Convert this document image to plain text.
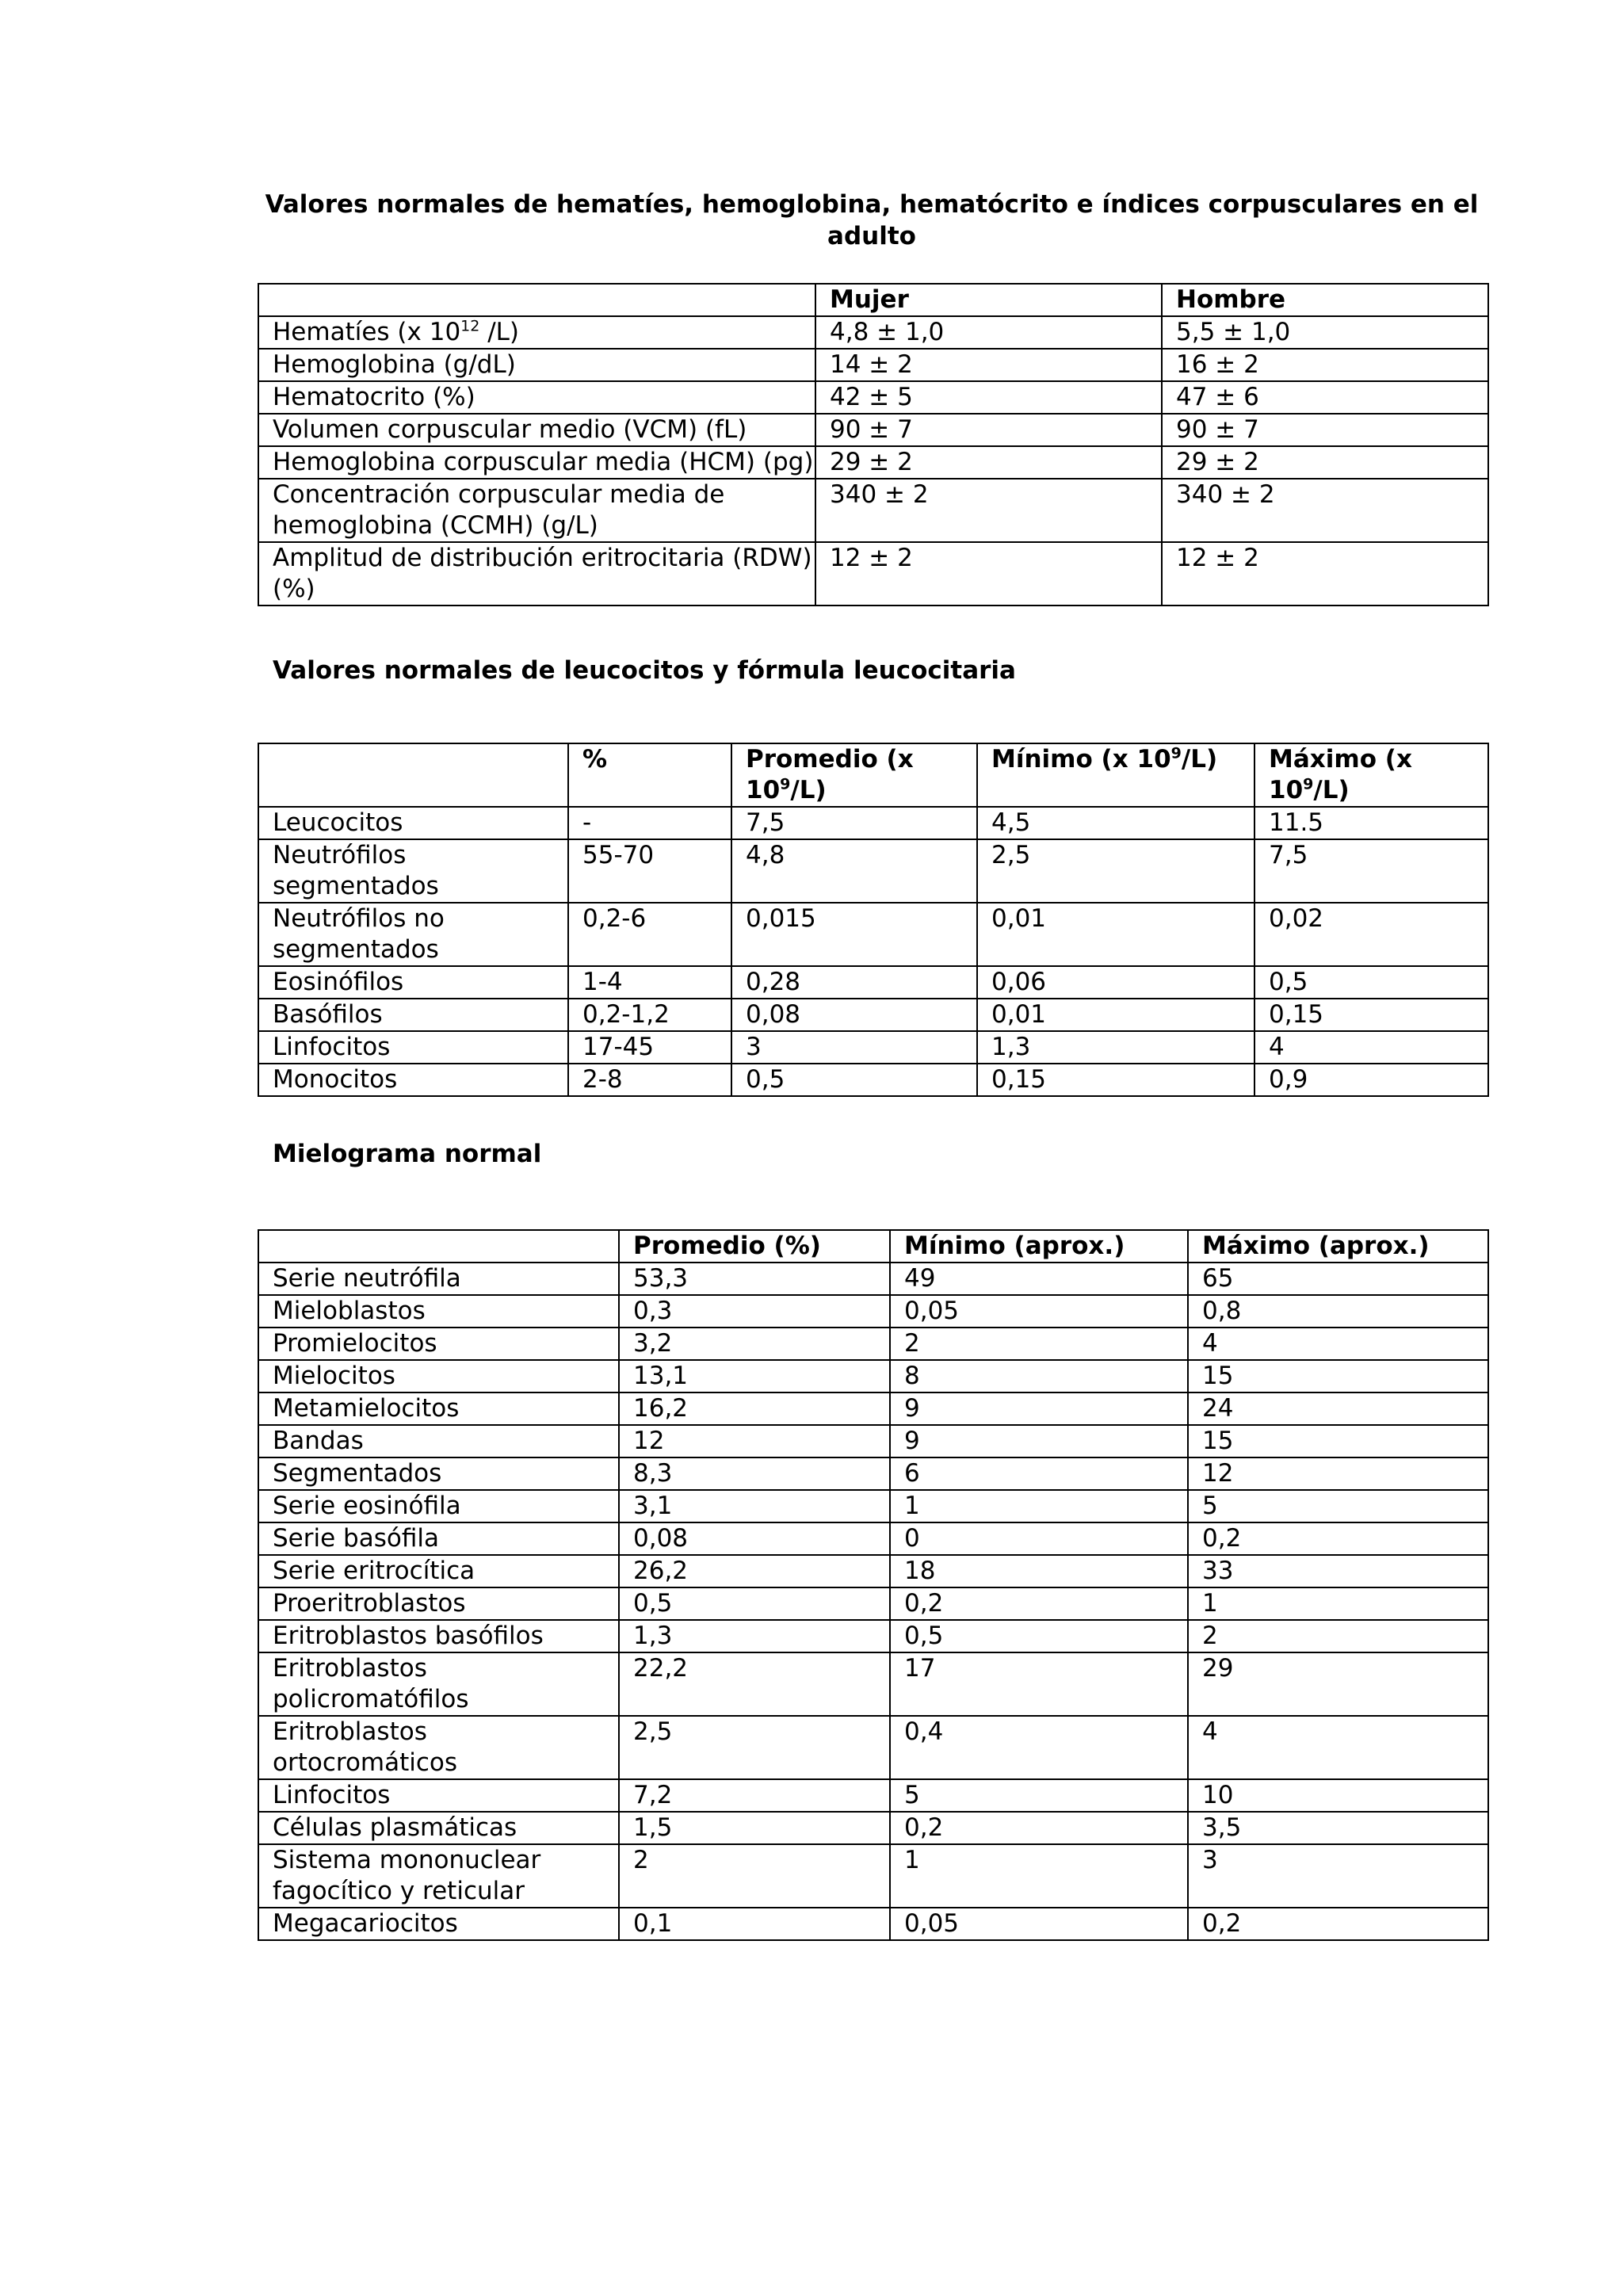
Valores normales de hematíes, hemoglobina, hematócrito e índices corpusculares en el
adulto
	Mujer	Hombre
Hematíes (x $10^{12}$ /L)	4,8 ± 1,0	5,5 ± 1,0
Hemoglobina (g/dL)	14 ± 2	16 ± 2
Hematocrito (%)	42 ± 5	47 ± 6
Volumen corpuscular medio (VCM) (fL)	90 ± 7	90 ± 7
Hemoglobina corpuscular media (HCM) (pg)	29 ± 2	29 ± 2
Concentración corpuscular media de hemoglobina (CCMH) (g/L)	340 ± 2	340 ± 2
Amplitud de distribución eritrocitaria (RDW) (%)	12 ± 2	12 ± 2
Valores normales de leucocitos y fórmula leucocitaria
	%	Promedio (x $10^9/L$)	Mínimo (x $10^9/L$)	Máximo (x $10^9/L$)
Leucocitos	-	7,5	4,5	11.5
Neutrófilos segmentados	55-70	4,8	2,5	7,5
Neutrófilos no segmentados	0,2-6	0,015	0,01	0,02
Eosinófilos	1-4	0,28	0,06	0,5
Basófilos	0,2-1,2	0,08	0,01	0,15
Linfocitos	17-45	3	1,3	4
Monocitos	2-8	0,5	0,15	0,9
Mielograma normal
	Promedio (%)	Mínimo (aprox.)	Máximo (aprox.)
Serie neutrófila	53,3	49	65
Mieloblastos	0,3	0,05	0,8
Promielocitos	3,2	2	4
Mielocitos	13,1	8	15
Metamielocitos	16,2	9	24
Bandas	12	9	15
Segmentados	8,3	6	12
Serie eosinófila	3,1	1	5
Serie basófila	0,08	0	0,2
Serie eritrocítica	26,2	18	33
Proeritroblastos	0,5	0,2	1
Eritroblastos basófilos	1,3	0,5	2
Eritroblastos policromatófilos	22,2	17	29
Eritroblastos ortocromáticos	2,5	0,4	4
Linfocitos	7,2	5	10
Células plasmáticas	1,5	0,2	3,5
Sistema mononuclear fagocítico y reticular	2	1	3
Megacariocitos	0,1	0,05	0,2
